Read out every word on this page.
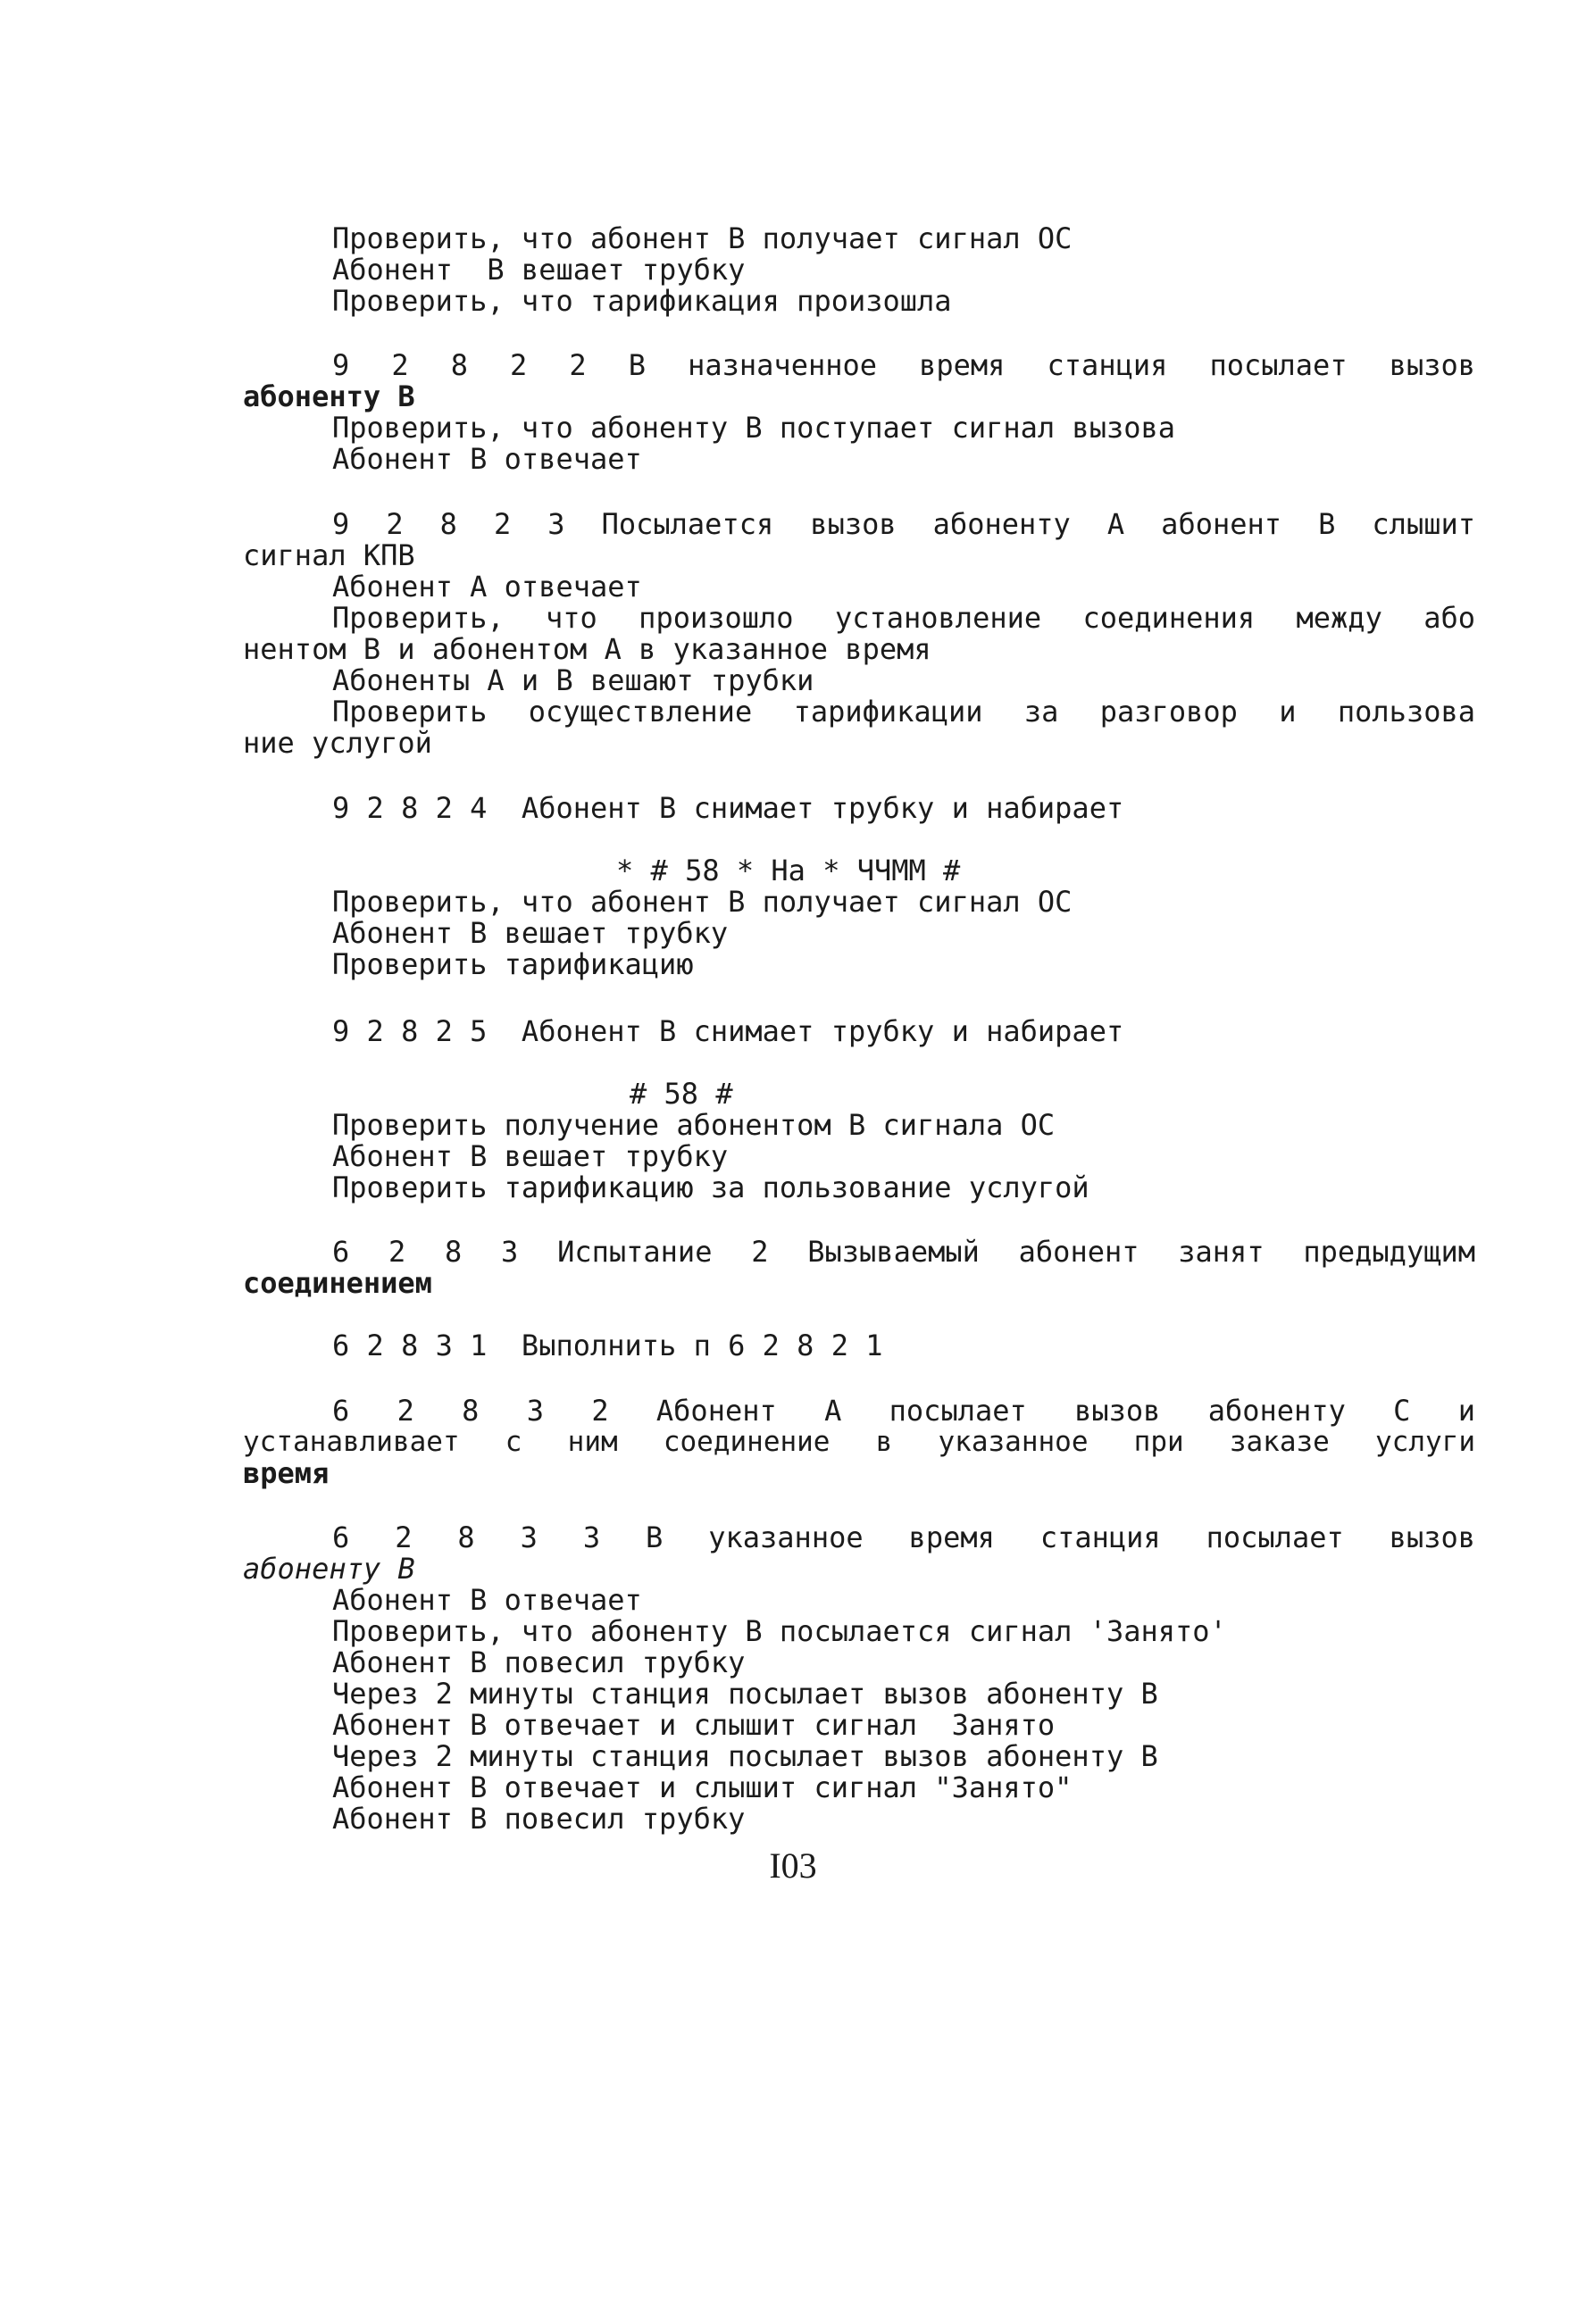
Проверить, что абонент В получает сигнал ОС
Абонент  В вешает трубку
Проверить, что тарификация произошла
9 2 8 2 2 В назначенное время станция посылает вызов
абоненту В
Проверить, что абоненту В поступает сигнал вызова
Абонент В отвечает
9 2 8 2 3 Посылается вызов абоненту А абонент В слышит
сигнал КПВ
Абонент А отвечает
Проверить, что произошло установление соединения между або
нентом В и абонентом А в указанное время
Абоненты А и В вешают трубки
Проверить осуществление тарификации за разговор и пользова
ние услугой
9 2 8 2 4  Абонент В снимает трубку и набирает
* # 58 * На * ЧЧММ #
Проверить, что абонент В получает сигнал ОС
Абонент В вешает трубку
Проверить тарификацию
9 2 8 2 5  Абонент В снимает трубку и набирает
# 58 #
Проверить получение абонентом В сигнала ОС
Абонент В вешает трубку
Проверить тарификацию за пользование услугой
6 2 8 3 Испытание 2 Вызываемый абонент занят предыдущим
соединением
6 2 8 3 1  Выполнить п 6 2 8 2 1
6 2 8 3 2 Абонент А посылает вызов абоненту С и
устанавливает с ним соединение в указанное при заказе услуги
время
6 2 8 3 3 В указанное время станция посылает вызов
абоненту В
Абонент В отвечает
Проверить, что абоненту В посылается сигнал 'Занято'
Абонент В повесил трубку
Через 2 минуты станция посылает вызов абоненту В
Абонент В отвечает и слышит сигнал  Занято
Через 2 минуты станция посылает вызов абоненту В
Абонент В отвечает и слышит сигнал "Занято"
Абонент В повесил трубку
I03
